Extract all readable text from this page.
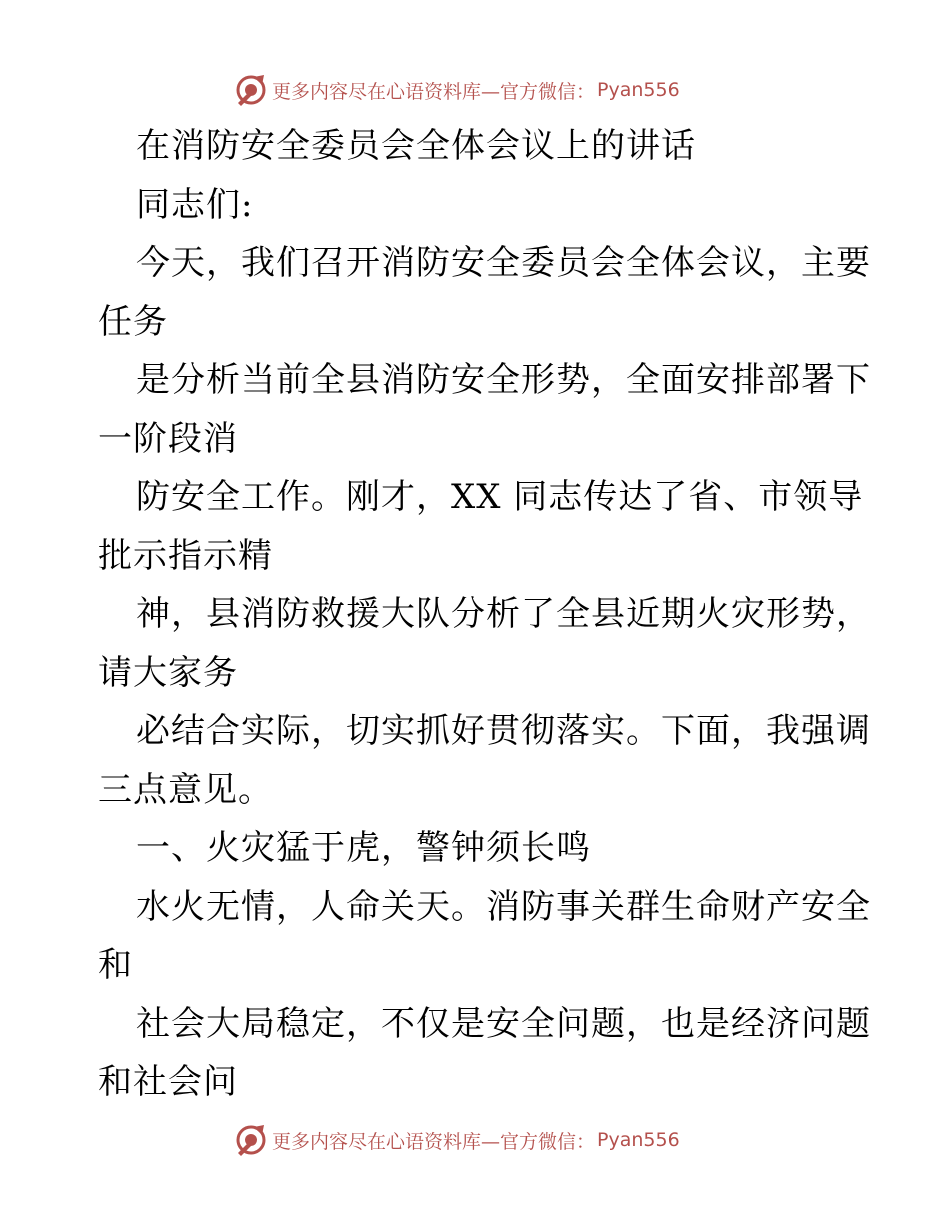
更多内容尽在心语资料库—官方微信： Pyan556
在消防安全委员会全体会议上的讲话
同志们:
今天，我们召开消防安全委员会全体会议，主要
任务
是分析当前全县消防安全形势，全面安排部署下
一阶段消
防安全工作。刚才，XX 同志传达了省、市领导
批示指示精
神，县消防救援大队分析了全县近期火灾形势，
请大家务
必结合实际，切实抓好贯彻落实。下面，我强调
三点意见。
一、火灾猛于虎，警钟须长鸣
水火无情，人命关天。消防事关群生命财产安全
和
社会大局稳定，不仅是安全问题，也是经济问题
和社会问
更多内容尽在心语资料库—官方微信： Pyan556
